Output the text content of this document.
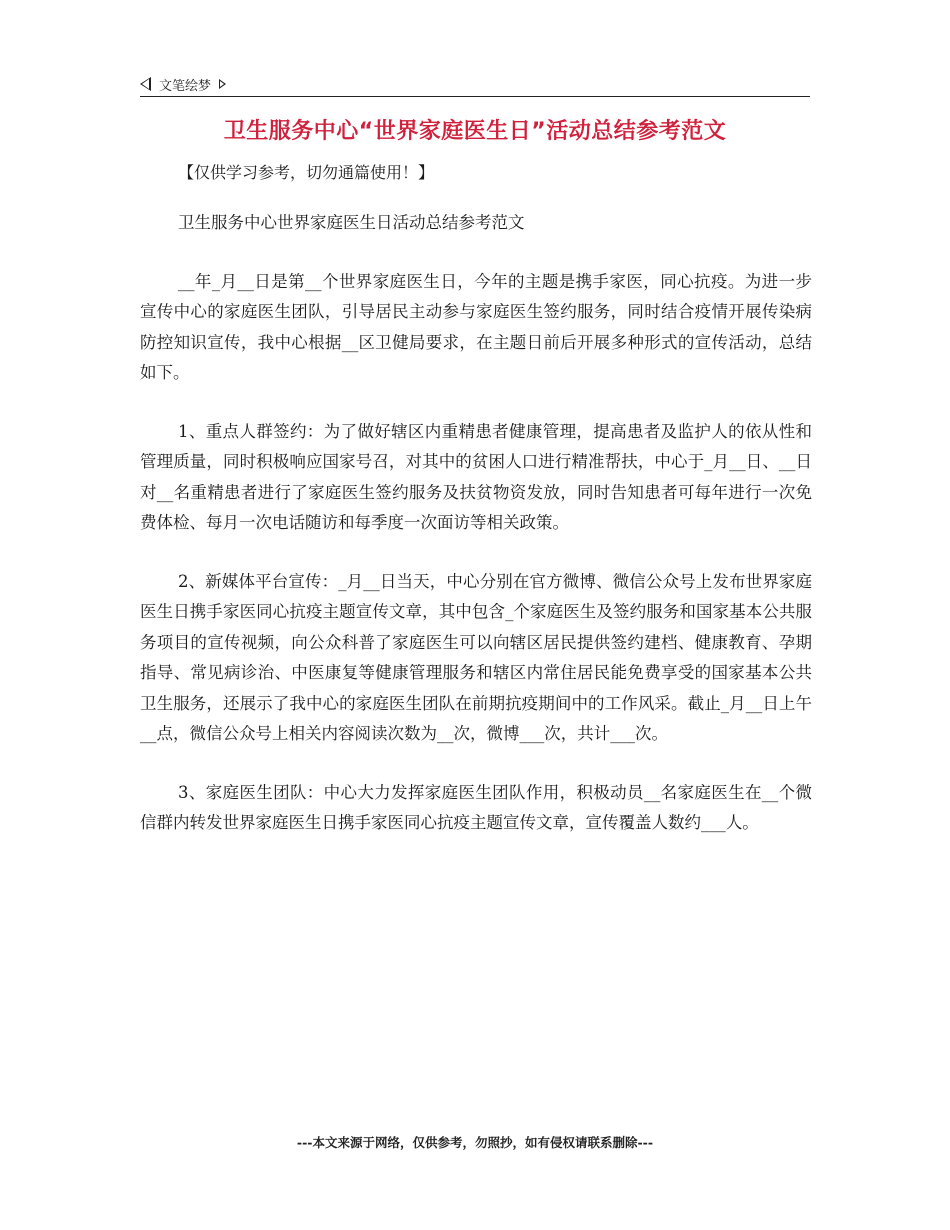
文笔绘梦
卫生服务中心“世界家庭医生日”活动总结参考范文
【仅供学习参考，切勿通篇使用！】

卫生服务中心世界家庭医生日活动总结参考范文

__年_月__日是第__个世界家庭医生日，今年的主题是携手家医，同心抗疫。为进一步宣传中心的家庭医生团队，引导居民主动参与家庭医生签约服务，同时结合疫情开展传染病防控知识宣传，我中心根据__区卫健局要求，在主题日前后开展多种形式的宣传活动，总结如下。

1、重点人群签约：为了做好辖区内重精患者健康管理，提高患者及监护人的依从性和管理质量，同时积极响应国家号召，对其中的贫困人口进行精准帮扶，中心于_月__日、__日对__名重精患者进行了家庭医生签约服务及扶贫物资发放，同时告知患者可每年进行一次免费体检、每月一次电话随访和每季度一次面访等相关政策。

2、新媒体平台宣传：_月__日当天，中心分别在官方微博、微信公众号上发布世界家庭医生日携手家医同心抗疫主题宣传文章，其中包含_个家庭医生及签约服务和国家基本公共服务项目的宣传视频，向公众科普了家庭医生可以向辖区居民提供签约建档、健康教育、孕期指导、常见病诊治、中医康复等健康管理服务和辖区内常住居民能免费享受的国家基本公共卫生服务，还展示了我中心的家庭医生团队在前期抗疫期间中的工作风采。截止_月__日上午__点，微信公众号上相关内容阅读次数为__次，微博___次，共计___次。

3、家庭医生团队：中心大力发挥家庭医生团队作用，积极动员__名家庭医生在__个微信群内转发世界家庭医生日携手家医同心抗疫主题宣传文章，宣传覆盖人数约___人。

---本文来源于网络，仅供参考，勿照抄，如有侵权请联系删除---
